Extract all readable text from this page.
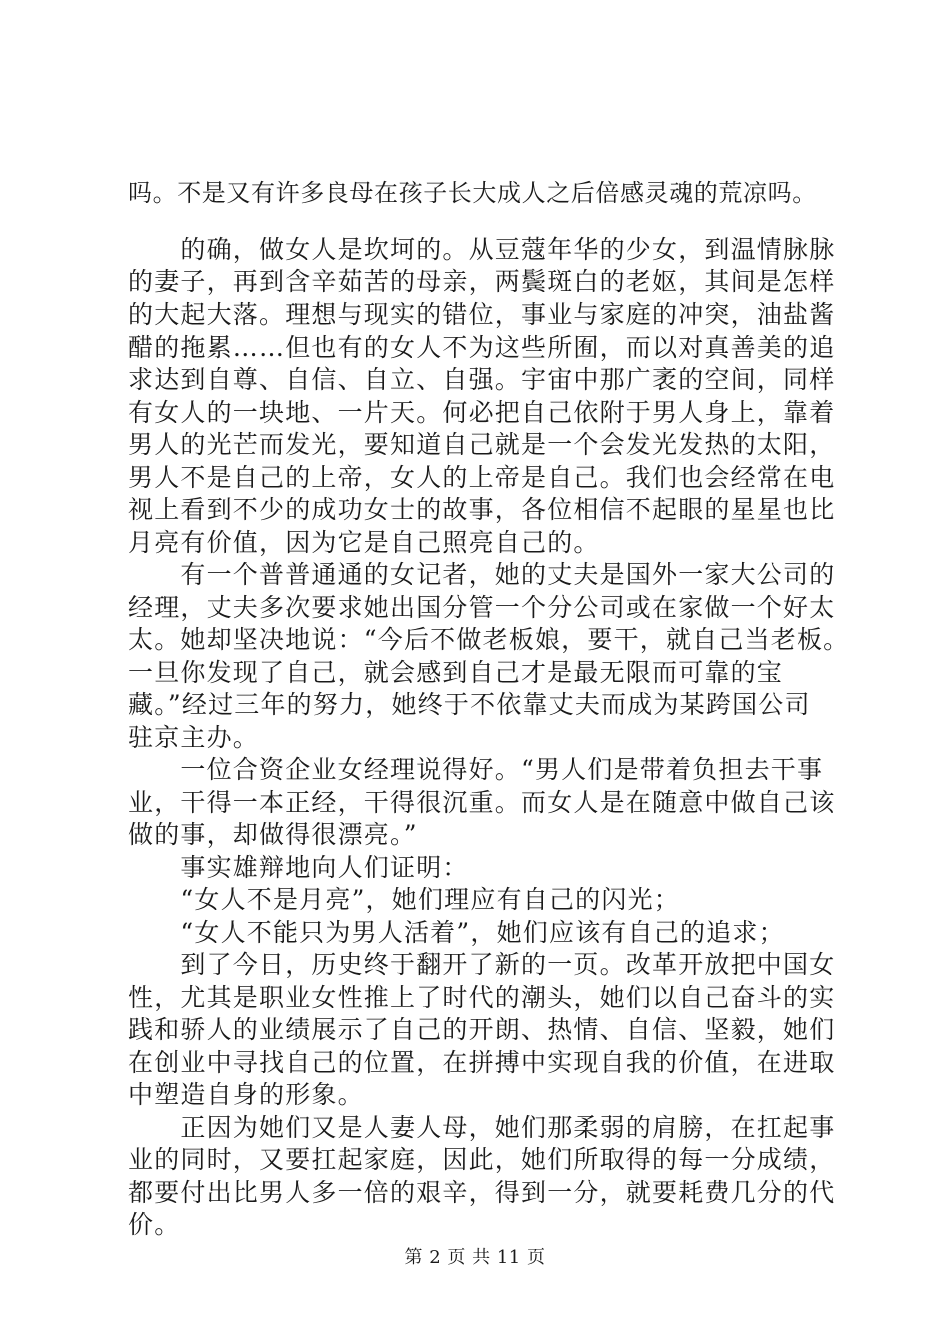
吗。不是又有许多良母在孩子长大成人之后倍感灵魂的荒凉吗。
　　的确，做女人是坎坷的。从豆蔻年华的少女，到温情脉脉
的妻子，再到含辛茹苦的母亲，两鬓斑白的老妪，其间是怎样
的大起大落。理想与现实的错位，事业与家庭的冲突，油盐酱
醋的拖累……但也有的女人不为这些所囿，而以对真善美的追
求达到自尊、自信、自立、自强。宇宙中那广袤的空间，同样
有女人的一块地、一片天。何必把自己依附于男人身上，靠着
男人的光芒而发光，要知道自己就是一个会发光发热的太阳，
男人不是自己的上帝，女人的上帝是自己。我们也会经常在电
视上看到不少的成功女士的故事，各位相信不起眼的星星也比
月亮有价值，因为它是自己照亮自己的。
　　有一个普普通通的女记者，她的丈夫是国外一家大公司的
经理，丈夫多次要求她出国分管一个分公司或在家做一个好太
太。她却坚决地说：“今后不做老板娘，要干，就自己当老板。
一旦你发现了自己，就会感到自己才是最无限而可靠的宝
藏。”经过三年的努力，她终于不依靠丈夫而成为某跨国公司
驻京主办。
　　一位合资企业女经理说得好。“男人们是带着负担去干事
业，干得一本正经，干得很沉重。而女人是在随意中做自己该
做的事，却做得很漂亮。”
　　事实雄辩地向人们证明：
　　“女人不是月亮”，她们理应有自己的闪光；
　　“女人不能只为男人活着”，她们应该有自己的追求；
　　到了今日，历史终于翻开了新的一页。改革开放把中国女
性，尤其是职业女性推上了时代的潮头，她们以自己奋斗的实
践和骄人的业绩展示了自己的开朗、热情、自信、坚毅，她们
在创业中寻找自己的位置，在拼搏中实现自我的价值，在进取
中塑造自身的形象。
　　正因为她们又是人妻人母，她们那柔弱的肩膀，在扛起事
业的同时，又要扛起家庭，因此，她们所取得的每一分成绩，
都要付出比男人多一倍的艰辛，得到一分，就要耗费几分的代
价。
第 2 页 共 11 页
